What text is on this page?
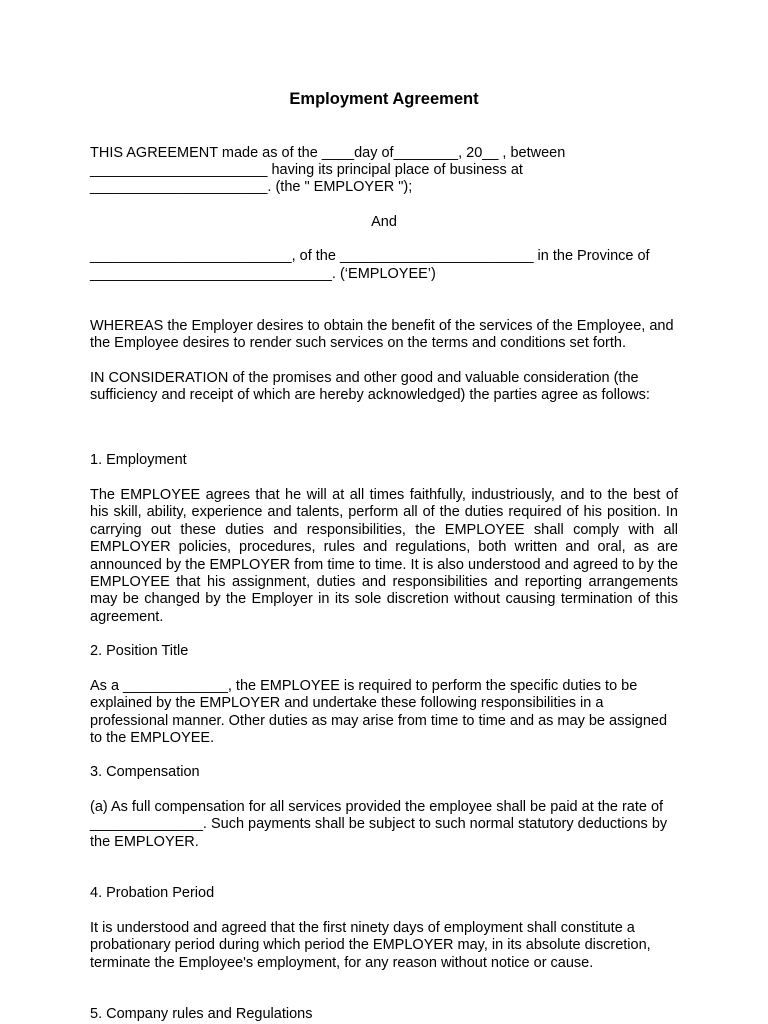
Employment Agreement

THIS AGREEMENT made as of the ____day of________, 20__ , between

______________________ having its principal place of business at

______________________. (the " EMPLOYER ");

And

_________________________, of the ________________________ in the Province of

______________________________. (‘EMPLOYEE’)

WHEREAS the Employer desires to obtain the benefit of the services of the Employee, and the Employee desires to render such services on the terms and conditions set forth.

IN CONSIDERATION of the promises and other good and valuable consideration (the sufficiency and receipt of which are hereby acknowledged) the parties agree as follows:

1. Employment

The EMPLOYEE agrees that he will at all times faithfully, industriously, and to the best of his skill, ability, experience and talents, perform all of the duties required of his position. In carrying out these duties and responsibilities, the EMPLOYEE shall comply with all EMPLOYER policies, procedures, rules and regulations, both written and oral, as are announced by the EMPLOYER from time to time. It is also understood and agreed to by the EMPLOYEE that his assignment, duties and responsibilities and reporting arrangements may be changed by the Employer in its sole discretion without causing termination of this agreement.

2. Position Title

As a _____________, the EMPLOYEE is required to perform the specific duties to be explained by the EMPLOYER and undertake these following responsibilities in a professional manner. Other duties as may arise from time to time and as may be assigned to the EMPLOYEE.

3. Compensation

(a) As full compensation for all services provided the employee shall be paid at the rate of ______________. Such payments shall be subject to such normal statutory deductions by the EMPLOYER.

4. Probation Period

It is understood and agreed that the first ninety days of employment shall constitute a probationary period during which period the EMPLOYER may, in its absolute discretion, terminate the Employee's employment, for any reason without notice or cause.

5. Company rules and Regulations
